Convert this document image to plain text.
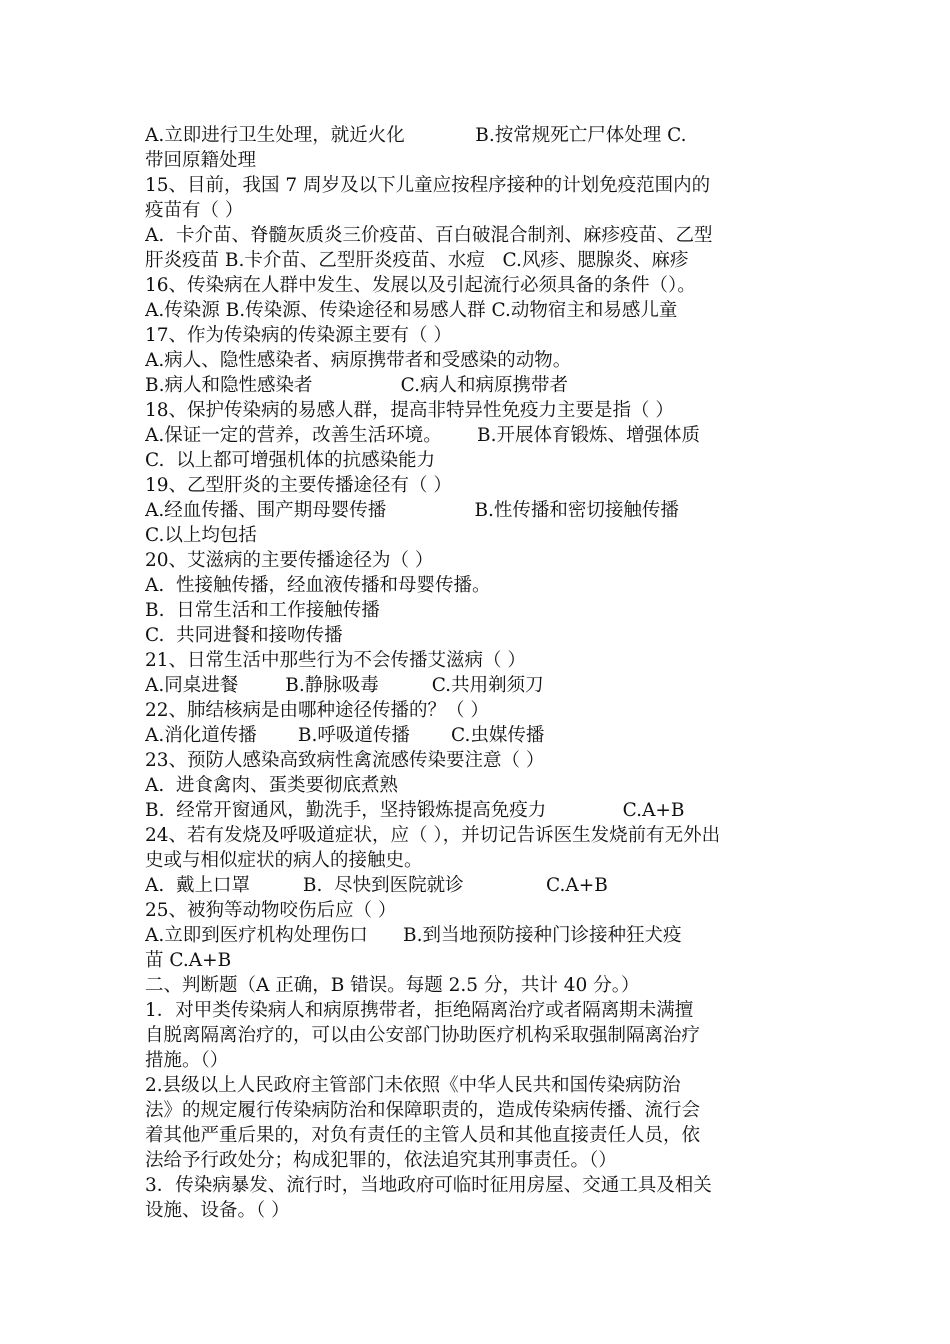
A.立即进行卫生处理，就近火化            B.按常规死亡尸体处理 C.
带回原籍处理
15、目前，我国 7 周岁及以下儿童应按程序接种的计划免疫范围内的
疫苗有（ ）
A.  卡介苗、脊髓灰质炎三价疫苗、百白破混合制剂、麻疹疫苗、乙型
肝炎疫苗 B.卡介苗、乙型肝炎疫苗、水痘   C.风疹、腮腺炎、麻疹
16、传染病在人群中发生、发展以及引起流行必须具备的条件（）。
A.传染源 B.传染源、传染途径和易感人群 C.动物宿主和易感儿童
17、作为传染病的传染源主要有（ ）
A.病人、隐性感染者、病原携带者和受感染的动物。
B.病人和隐性感染者               C.病人和病原携带者
18、保护传染病的易感人群，提高非特异性免疫力主要是指（ ）
A.保证一定的营养，改善生活环境。      B.开展体育锻炼、增强体质
C.  以上都可增强机体的抗感染能力
19、乙型肝炎的主要传播途径有（ ）
A.经血传播、围产期母婴传播               B.性传播和密切接触传播
C.以上均包括
20、艾滋病的主要传播途径为（ ）
A.  性接触传播，经血液传播和母婴传播。
B.  日常生活和工作接触传播
C.  共同进餐和接吻传播
21、日常生活中那些行为不会传播艾滋病（ ）
A.同桌进餐        B.静脉吸毒         C.共用剃须刀
22、肺结核病是由哪种途径传播的？（ ）
A.消化道传播       B.呼吸道传播       C.虫媒传播
23、预防人感染高致病性禽流感传染要注意（ ）
A.  进食禽肉、蛋类要彻底煮熟
B.  经常开窗通风，勤洗手，坚持锻炼提高免疫力             C.A+B
24、若有发烧及呼吸道症状，应（ ），并切记告诉医生发烧前有无外出
史或与相似症状的病人的接触史。
A.  戴上口罩         B.  尽快到医院就诊              C.A+B
25、被狗等动物咬伤后应（ ）
A.立即到医疗机构处理伤口      B.到当地预防接种门诊接种狂犬疫
苗 C.A+B
二、判断题（A 正确，B 错误。每题 2.5 分，共计 40 分。）
1．对甲类传染病人和病原携带者，拒绝隔离治疗或者隔离期未满擅
自脱离隔离治疗的，可以由公安部门协助医疗机构采取强制隔离治疗
措施。（）
2.县级以上人民政府主管部门未依照《中华人民共和国传染病防治
法》的规定履行传染病防治和保障职责的，造成传染病传播、流行会
着其他严重后果的，对负有责任的主管人员和其他直接责任人员，依
法给予行政处分；构成犯罪的，依法追究其刑事责任。（）
3．传染病暴发、流行时，当地政府可临时征用房屋、交通工具及相关
设施、设备。（ ）
